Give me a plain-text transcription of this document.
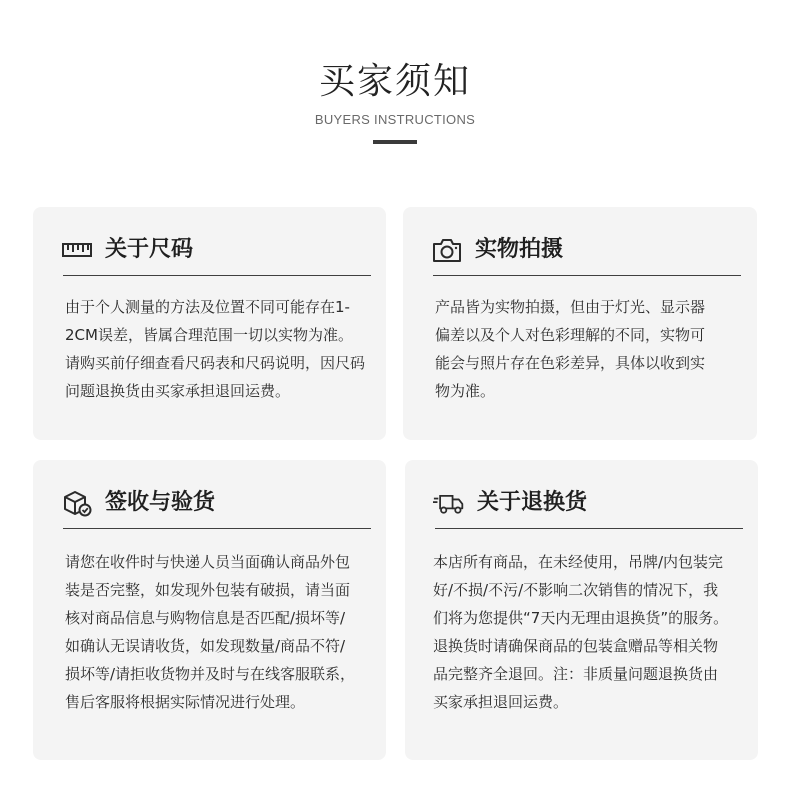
买家须知
BUYERS INSTRUCTIONS
关于尺码
由于个人测量的方法及位置不同可能存在1-2CM误差，皆属合理范围一切以实物为准。请购买前仔细查看尺码表和尺码说明，因尺码问题退换货由买家承担退回运费。
实物拍摄
产品皆为实物拍摄，但由于灯光、显示器偏差以及个人对色彩理解的不同，实物可能会与照片存在色彩差异，具体以收到实物为准。
签收与验货
请您在收件时与快递人员当面确认商品外包装是否完整，如发现外包装有破损，请当面核对商品信息与购物信息是否匹配/损坏等/如确认无误请收货，如发现数量/商品不符/损坏等/请拒收货物并及时与在线客服联系，售后客服将根据实际情况进行处理。
关于退换货
本店所有商品，在未经使用，吊牌/内包装完好/不损/不污/不影响二次销售的情况下，我们将为您提供“7天内无理由退换货”的服务。退换货时请确保商品的包装盒赠品等相关物品完整齐全退回。注：非质量问题退换货由买家承担退回运费。
